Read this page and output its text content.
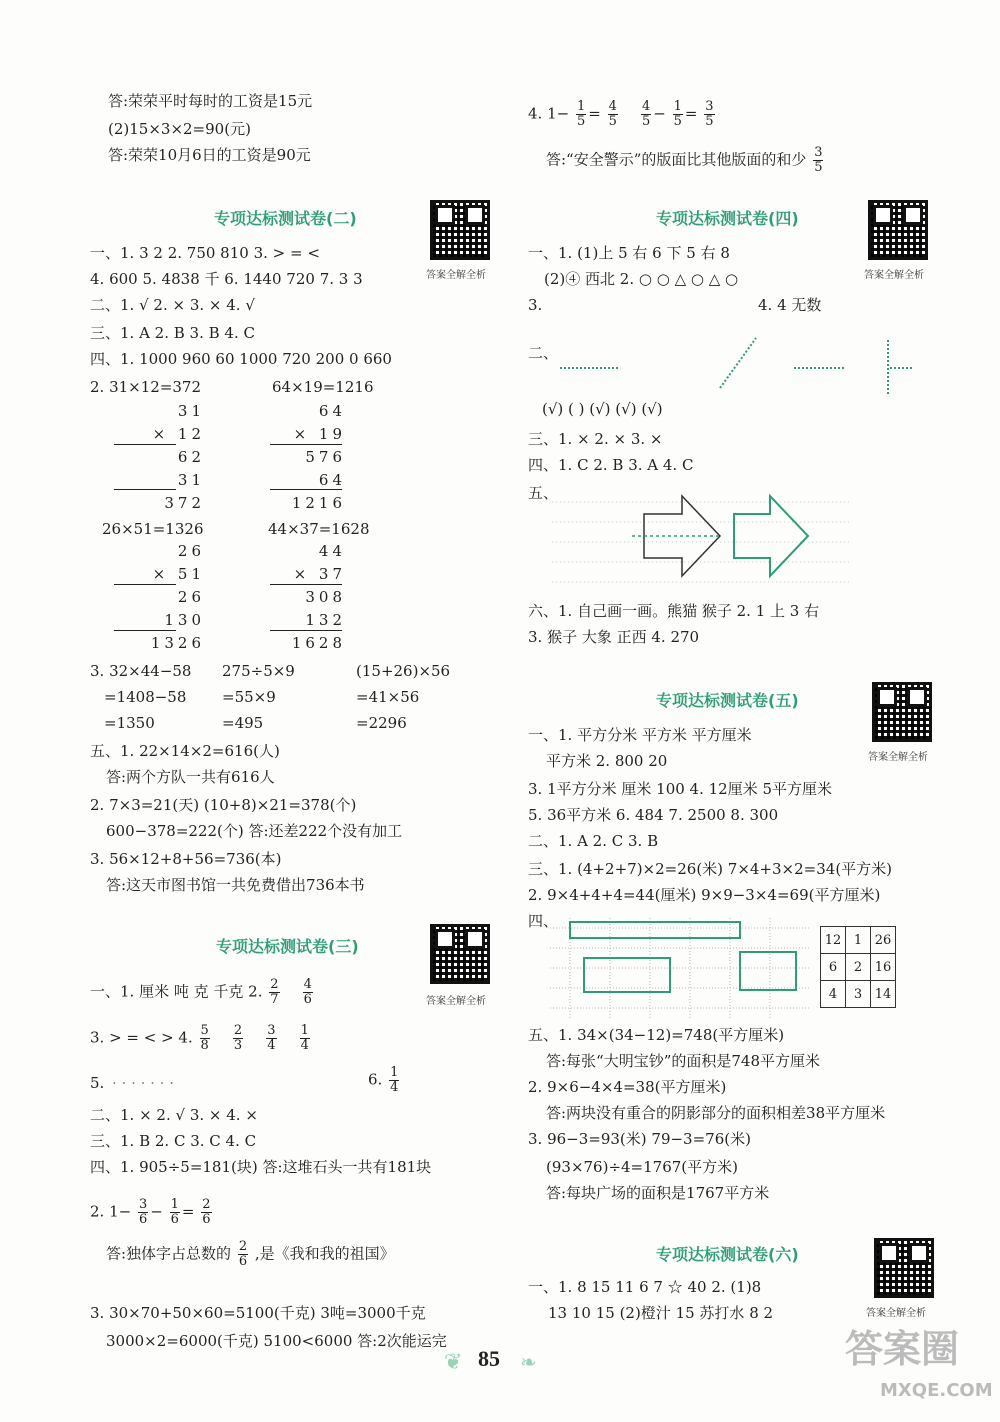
答:荣荣平时每时的工资是15元
(2)15×3×2=90(元)
答:荣荣10月6日的工资是90元
专项达标测试卷(二)
答案全解全析
一、1. 3 2 2. 750 810 3. > = <
4. 600 5. 4838 千 6. 1440 720 7. 3 3
二、1. √ 2. × 3. × 4. √
三、1. A 2. B 3. B 4. C
四、1. 1000 960 60 1000 720 200 0 660
2. 31×12=372	64×19=1216
31
× 12
62
31
372
64
× 19
576
64
1216
26×51=1326	44×37=1628
26
× 51
26
130
1326
44
× 37
308
132
1628
3. 32×44−58 275÷5×9	(15+26)×56
=1408−58 =55×9	=41×56
=1350	=495	=2296
五、1. 22×14×2=616(人)
答:两个方队一共有616人
2. 7×3=21(天) (10+8)×21=378(个)
600−378=222(个) 答:还差222个没有加工
3. 56×12+8+56=736(本)
答:这天市图书馆一共免费借出736本书
专项达标测试卷(三)
答案全解全析
一、1. 厘米 吨 克 千克 2. $\frac{2}{7}$
$\frac{4}{6}$
3. > = < > 4. $\frac{5}{8}$
$\frac{2}{3}$
$\frac{3}{4}$
$\frac{1}{4}$
5. · · · · · · ·	6. $\frac{1}{4}$
二、1. × 2. √ 3. × 4. ×
三、1. B 2. C 3. C 4. C
四、1. 905÷5=181(块) 答:这堆石头一共有181块
2. $1- \frac{3}{6} - \frac{1}{6} = \frac{2}{6}$
答:独体字占总数的 $\frac{2}{6}$ ,是《我和我的祖国》
3. 30×70+50×60=5100(千克) 3吨=3000千克
3000×2=6000(千克) 5100<6000 答:2次能运完
4. $1- \frac{1}{5} = \frac{4}{5}$
$\frac{4}{5} - \frac{1}{5} = \frac{3}{5}$
答:“安全警示”的版面比其他版面的和少 $\frac{3}{5}$
专项达标测试卷(四)
答案全解全析
一、1. (1)上 5 右 6 下 5 右 8
(2)④ 西北 2. ○ ○ △ ○ △ ○
3.	4. 4 无数
二、
(√) ( ) (√) (√) (√)
三、1. × 2. × 3. ×
四、1. C 2. B 3. A 4. C
五、
六、1. 自己画一画。熊猫 猴子 2. 1 上 3 右
3. 猴子 大象 正西 4. 270
专项达标测试卷(五)
答案全解全析
一、1. 平方分米 平方米 平方厘米
平方米 2. 800 20
3. 1平方分米 厘米 100 4. 12厘米 5平方厘米
5. 36平方米 6. 484 7. 2500 8. 300
二、1. A 2. C 3. B
三、1. (4+2+7)×2=26(米) 7×4+3×2=34(平方米)
2. 9×4+4+4=44(厘米) 9×9−3×4=69(平方厘米)
四、
12	1	26
6	2	16
4	3	14
五、1. 34×(34−12)=748(平方厘米)
答:每张“大明宝钞”的面积是748平方厘米
2. 9×6−4×4=38(平方厘米)
答:两块没有重合的阴影部分的面积相差38平方厘米
3. 96−3=93(米) 79−3=76(米)
(93×76)÷4=1767(平方米)
答:每块广场的面积是1767平方米
专项达标测试卷(六)
答案全解全析
一、1. 8 15 11 6 7 ☆ 40 2. (1)8
13 10 15 (2)橙汁 15 苏打水 8 2
❦ 85 ❧	答案圈
MXQE.COM
